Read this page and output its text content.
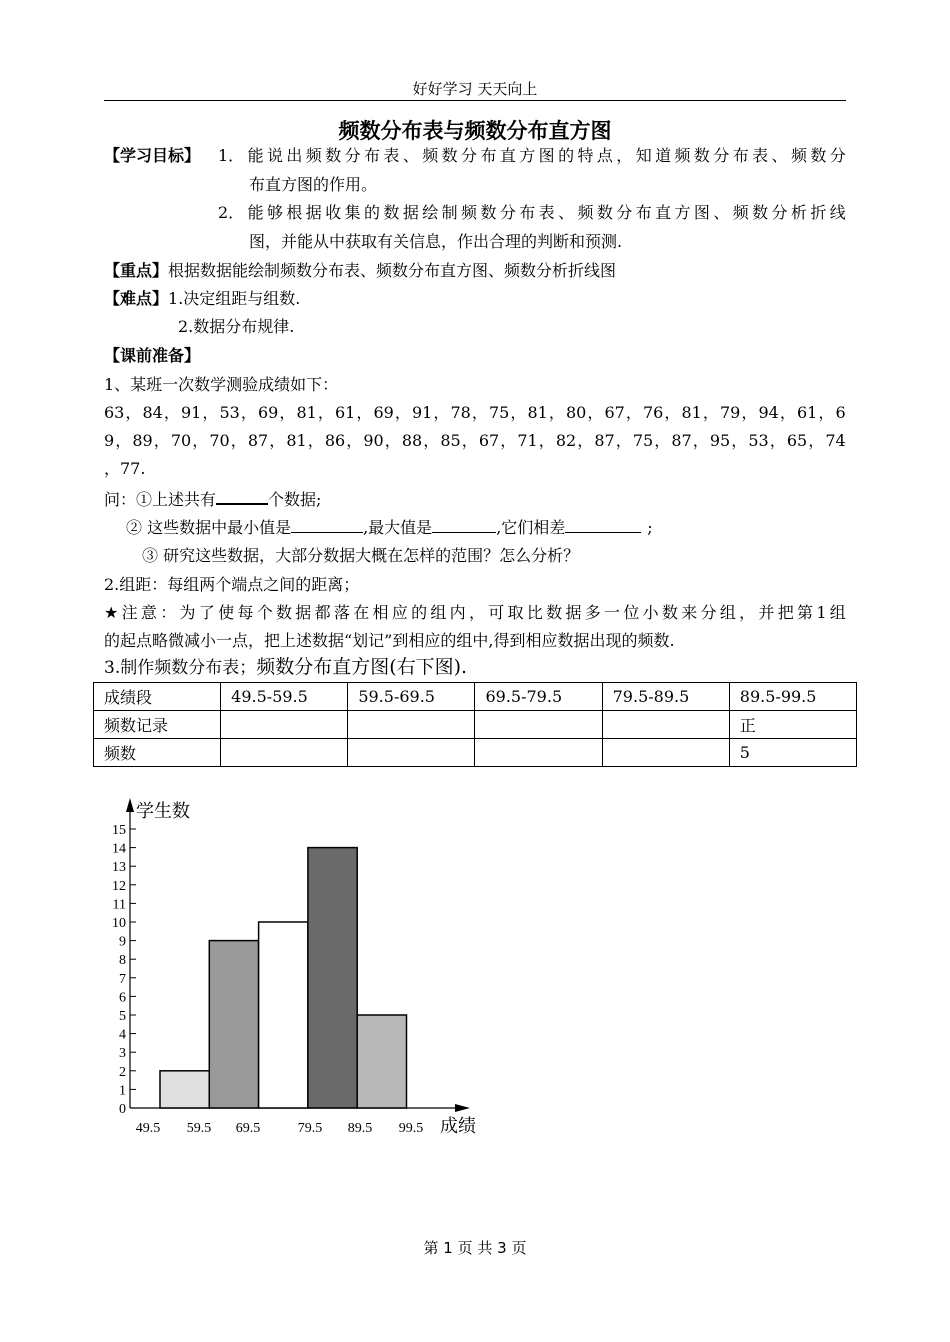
好好学习 天天向上
频数分布表与频数分布直方图
【学习目标】 1． 能 说 出 频 数 分 布 表 、 频 数 分 布 直 方 图 的 特 点 ， 知 道 频 数 分 布 表 、 频 数 分
布直方图的作用。
2． 能 够 根 据 收 集 的 数 据 绘 制 频 数 分 布 表 、 频 数 分 布 直 方 图 、 频 数 分 析 折 线
图，并能从中获取有关信息，作出合理的判断和预测.
【重点】根据数据能绘制频数分布表、频数分布直方图、频数分析折线图
【难点】1.决定组距与组数.
2.数据分布规律.
【课前准备】
1、某班一次数学测验成绩如下：
63 ， 84 ， 91 ， 53 ， 69 ， 81 ， 61 ， 69 ， 91 ， 78 ， 75 ， 81 ， 80 ， 67 ， 76 ， 81 ， 79 ， 94 ， 61 ， 6
9 ， 89 ， 70 ， 70 ， 87 ， 81 ， 86 ， 90 ， 88 ， 85 ， 67 ， 71 ， 82 ， 87 ， 75 ， 87 ， 95 ， 53 ， 65 ， 74
，77.
问：①上述共有	个数据;
② 这些数据中最小值是	,最大值是	,它们相差	;
③ 研究这些数据，大部分数据大概在怎样的范围？怎么分析？
2.组距：每组两个端点之间的距离；
★ 注 意 ： 为 了 使 每 个 数 据 都 落 在 相 应 的 组 内 ， 可 取 比 数 据 多 一 位 小 数 来 分 组 ， 并 把 第 1 组
的起点略微减小一点，把上述数据“划记”到相应的组中,得到相应数据出现的频数.
3.制作频数分布表；频数分布直方图(右下图).
成绩段	49.5-59.5	59.5-69.5	69.5-79.5	79.5-89.5	89.5-99.5
频数记录					正
频数					5
0
1
2
3
4
5
6
7
8
9
10
11
12
13
14
15
49.5 59.5 69.5	79.5 89.5 99.5
学生数
成绩
第 1 页 共 3 页
